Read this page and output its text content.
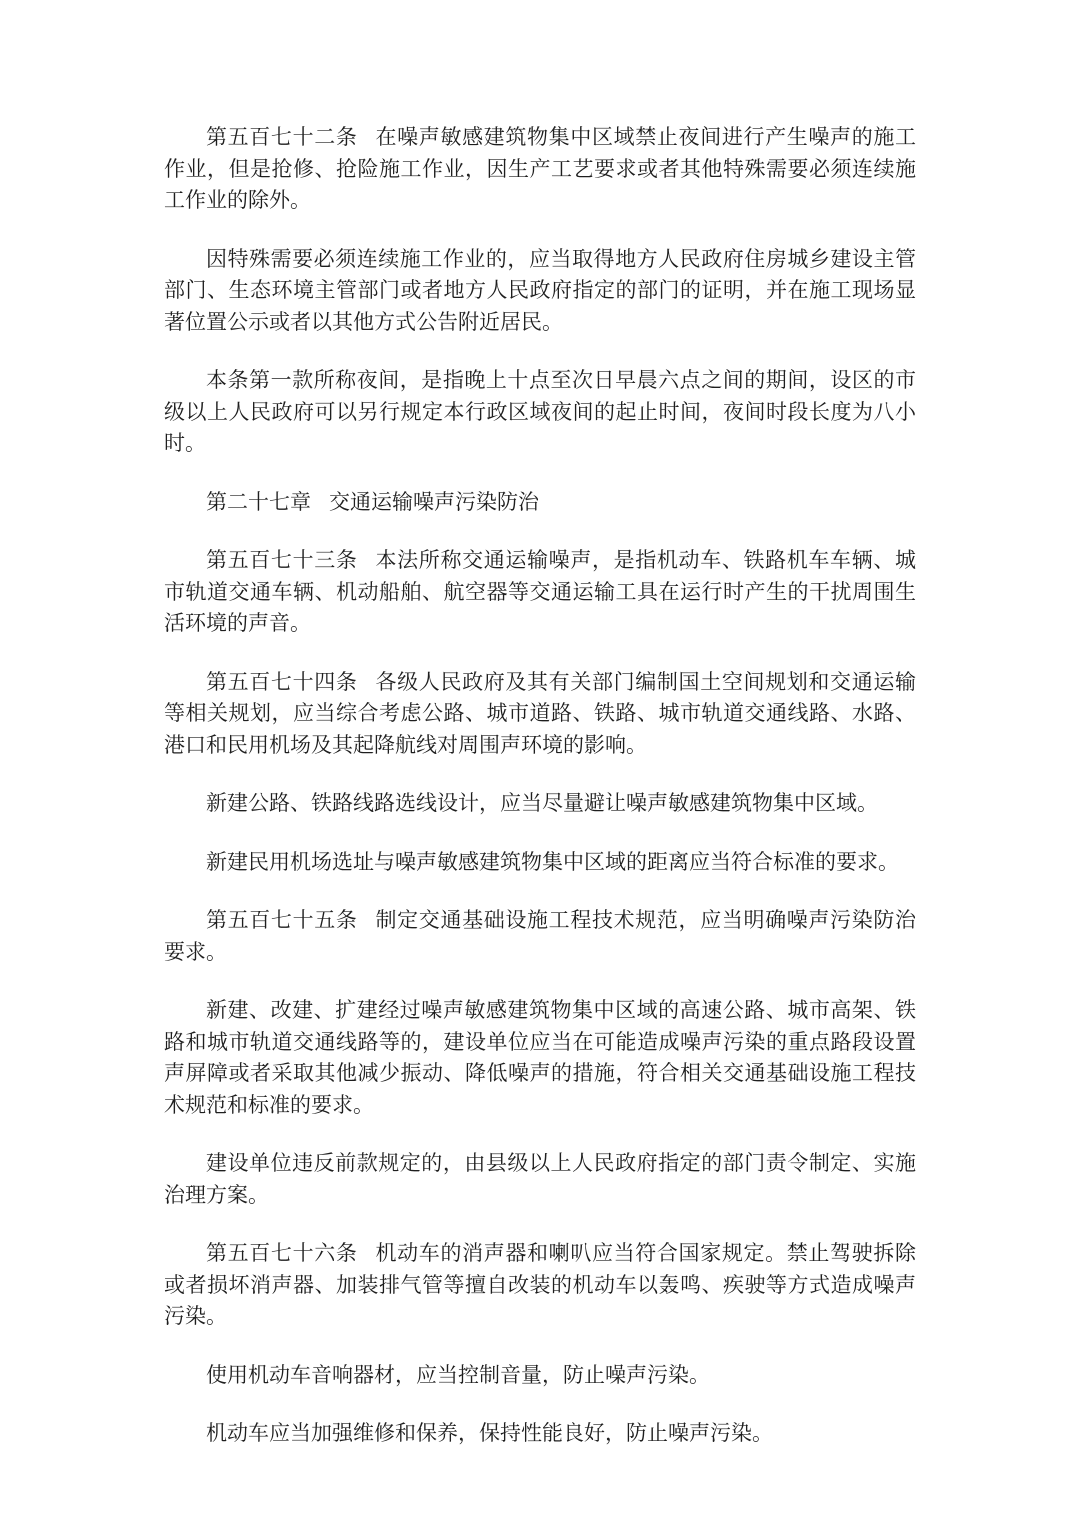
第五百七十二条 在噪声敏感建筑物集中区域禁止夜间进行产生噪声的施工作业，但是抢修、抢险施工作业，因生产工艺要求或者其他特殊需要必须连续施工作业的除外。

因特殊需要必须连续施工作业的，应当取得地方人民政府住房城乡建设主管部门、生态环境主管部门或者地方人民政府指定的部门的证明，并在施工现场显著位置公示或者以其他方式公告附近居民。

本条第一款所称夜间，是指晚上十点至次日早晨六点之间的期间，设区的市级以上人民政府可以另行规定本行政区域夜间的起止时间，夜间时段长度为八小时。

第二十七章 交通运输噪声污染防治

第五百七十三条 本法所称交通运输噪声，是指机动车、铁路机车车辆、城市轨道交通车辆、机动船舶、航空器等交通运输工具在运行时产生的干扰周围生活环境的声音。

第五百七十四条 各级人民政府及其有关部门编制国土空间规划和交通运输等相关规划，应当综合考虑公路、城市道路、铁路、城市轨道交通线路、水路、港口和民用机场及其起降航线对周围声环境的影响。

新建公路、铁路线路选线设计，应当尽量避让噪声敏感建筑物集中区域。

新建民用机场选址与噪声敏感建筑物集中区域的距离应当符合标准的要求。

第五百七十五条 制定交通基础设施工程技术规范，应当明确噪声污染防治要求。

新建、改建、扩建经过噪声敏感建筑物集中区域的高速公路、城市高架、铁路和城市轨道交通线路等的，建设单位应当在可能造成噪声污染的重点路段设置声屏障或者采取其他减少振动、降低噪声的措施，符合相关交通基础设施工程技术规范和标准的要求。

建设单位违反前款规定的，由县级以上人民政府指定的部门责令制定、实施治理方案。

第五百七十六条 机动车的消声器和喇叭应当符合国家规定。禁止驾驶拆除或者损坏消声器、加装排气管等擅自改装的机动车以轰鸣、疾驶等方式造成噪声污染。

使用机动车音响器材，应当控制音量，防止噪声污染。

机动车应当加强维修和保养，保持性能良好，防止噪声污染。
